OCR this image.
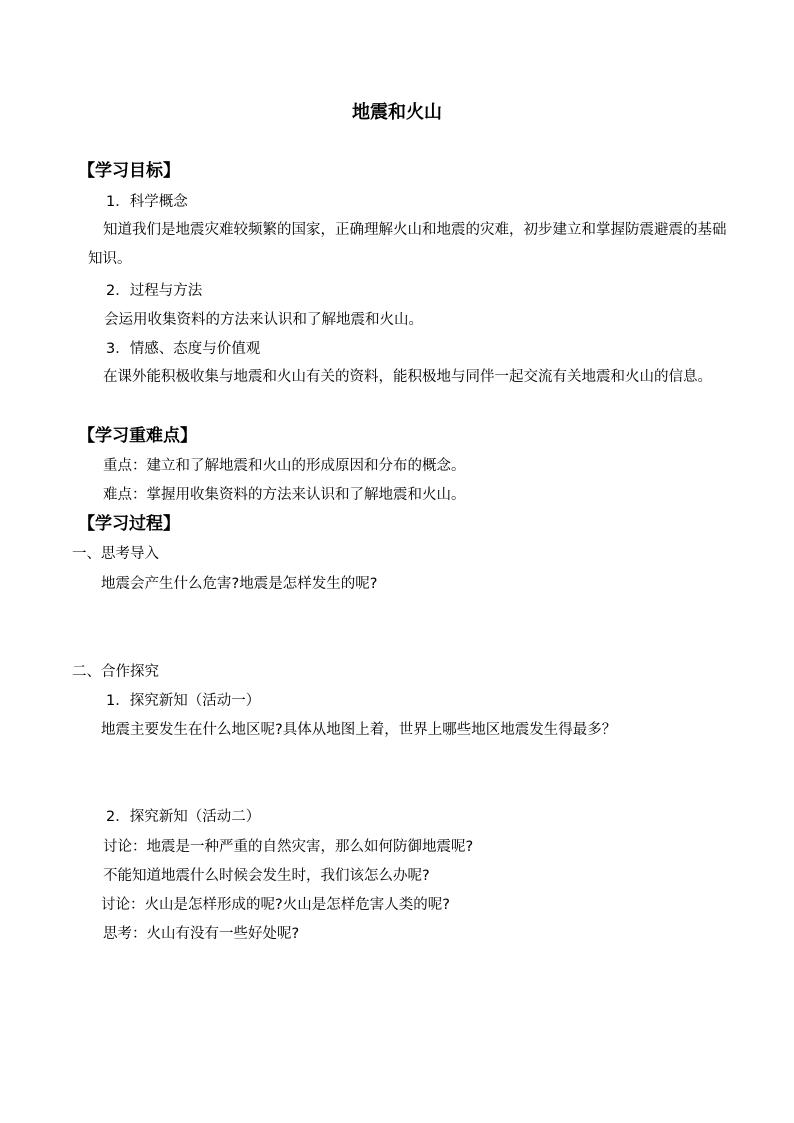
地震和火山
【学习目标】
1．科学概念
知道我们是地震灾难较频繁的国家，正确理解火山和地震的灾难，初步建立和掌握防震避震的基础知识。
2．过程与方法
会运用收集资料的方法来认识和了解地震和火山。
3．情感、态度与价值观
在课外能积极收集与地震和火山有关的资料，能积极地与同伴一起交流有关地震和火山的信息。
【学习重难点】
重点：建立和了解地震和火山的形成原因和分布的概念。
难点：掌握用收集资料的方法来认识和了解地震和火山。
【学习过程】
一、思考导入
地震会产生什么危害?地震是怎样发生的呢?
二、合作探究
1．探究新知（活动一）
地震主要发生在什么地区呢?具体从地图上着，世界上哪些地区地震发生得最多？
2．探究新知（活动二）
讨论：地震是一种严重的自然灾害，那么如何防御地震呢?
不能知道地震什么时候会发生时，我们该怎么办呢?
讨论：火山是怎样形成的呢?火山是怎样危害人类的呢?
思考：火山有没有一些好处呢?
